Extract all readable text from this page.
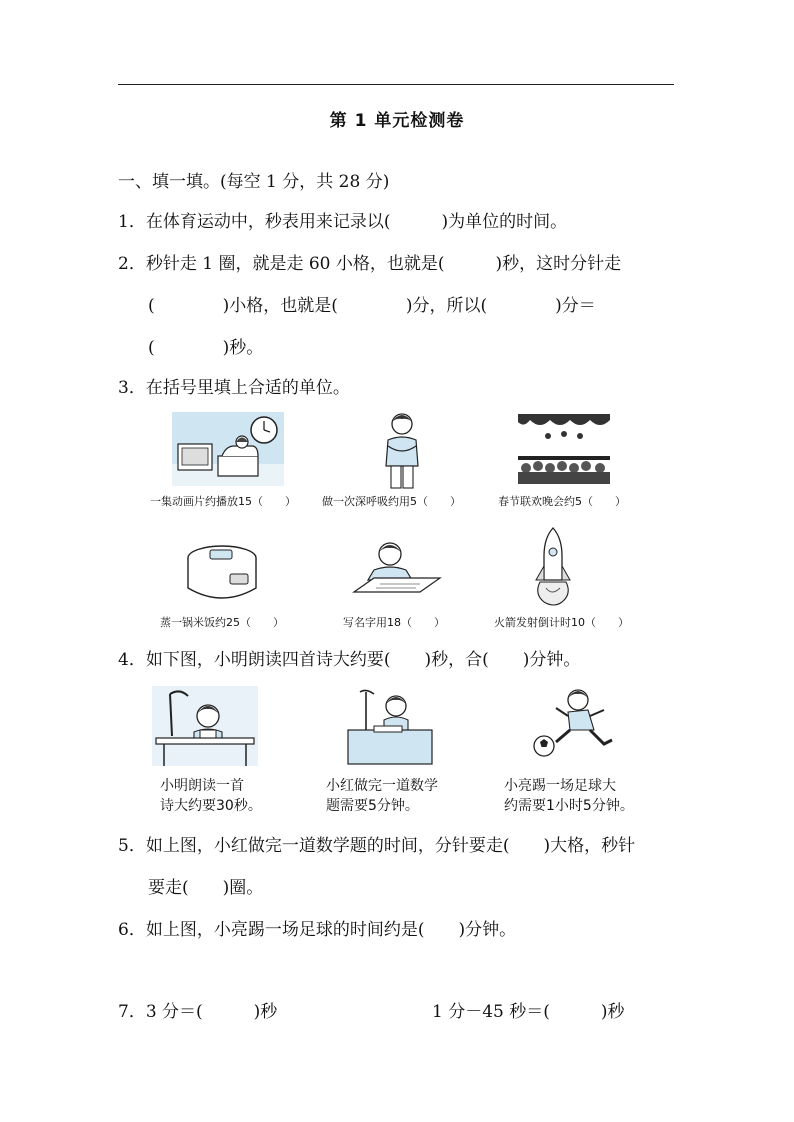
第 1 单元检测卷
一、填一填。(每空 1 分，共 28 分)
1．在体育运动中，秒表用来记录以(　　　)为单位的时间。
2．秒针走 1 圈，就是走 60 小格，也就是(　　　)秒，这时分针走
(　　　　)小格，也就是(　　　　)分，所以(　　　　)分＝
(　　　　)秒。
3．在括号里填上合适的单位。
一集动画片约播放15（　　） 做一次深呼吸约用5（　　）	春节联欢晚会约5（　　）
蒸一锅米饭约25（　　）	写名字用18（　　）	火箭发射倒计时10（　　）
4．如下图，小明朗读四首诗大约要(　　)秒，合(　　)分钟。
小明朗读一首
诗大约要30秒。
小红做完一道数学
题需要5分钟。
小亮踢一场足球大
约需要1小时5分钟。
5．如上图，小红做完一道数学题的时间，分针要走(　　)大格，秒针
要走(　　)圈。
6．如上图，小亮踢一场足球的时间约是(　　)分钟。
7．3 分＝(　　　)秒	1 分－45 秒＝(　　　)秒
